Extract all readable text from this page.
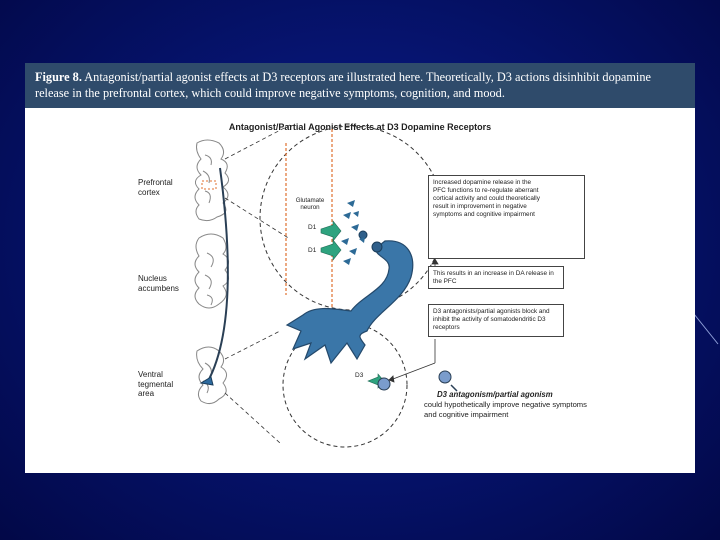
Figure 8. Antagonist/partial agonist effects at D3 receptors are illustrated here. Theoretically, D3 actions disinhibit dopamine release in the prefrontal cortex, which could improve negative symptoms, cognition, and mood.
Antagonist/Partial Agonist Effects at D3 Dopamine Receptors
Prefrontal
cortex
Nucleus
accumbens
Ventral
tegmental
area
Glutamate
neuron
D1
D1
D3
Increased dopamine release in the PFC functions to re-regulate aberrant cortical activity and could theoretically result in improvement in negative symptoms and cognitive impairment
This results in an increase in DA release in the PFC
D3 antagonists/partial agonists block and inhibit the activity of somatodendritic D3 receptors
D3 antagonism/partial agonism
could hypothetically improve negative symptoms and cognitive impairment
